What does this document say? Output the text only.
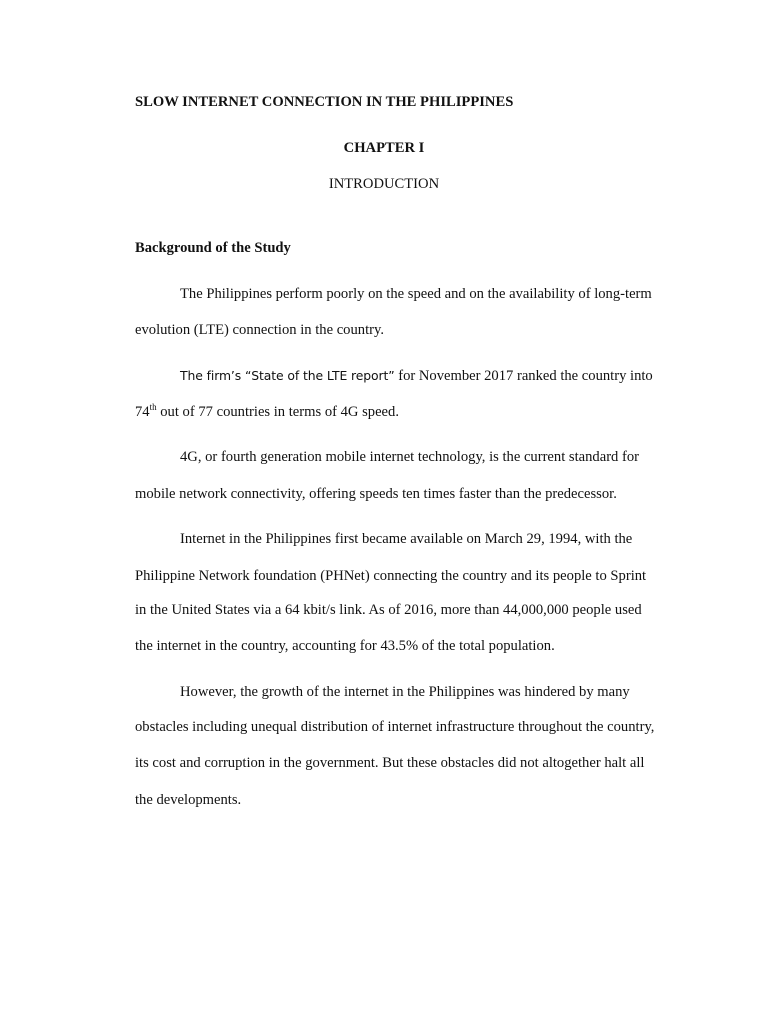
SLOW INTERNET CONNECTION IN THE PHILIPPINES
CHAPTER I
INTRODUCTION
Background of the Study
The Philippines perform poorly on the speed and on the availability of long-term
evolution (LTE) connection in the country.
The firm’s “State of the LTE report” for November 2017 ranked the country into
74th out of 77 countries in terms of 4G speed.
4G, or fourth generation mobile internet technology, is the current standard for
mobile network connectivity, offering speeds ten times faster than the predecessor.
Internet in the Philippines first became available on March 29, 1994, with the
Philippine Network foundation (PHNet) connecting the country and its people to Sprint
in the United States via a 64 kbit/s link. As of 2016, more than 44,000,000 people used
the internet in the country, accounting for 43.5% of the total population.
However, the growth of the internet in the Philippines was hindered by many
obstacles including unequal distribution of internet infrastructure throughout the country,
its cost and corruption in the government. But these obstacles did not altogether halt all
the developments.
